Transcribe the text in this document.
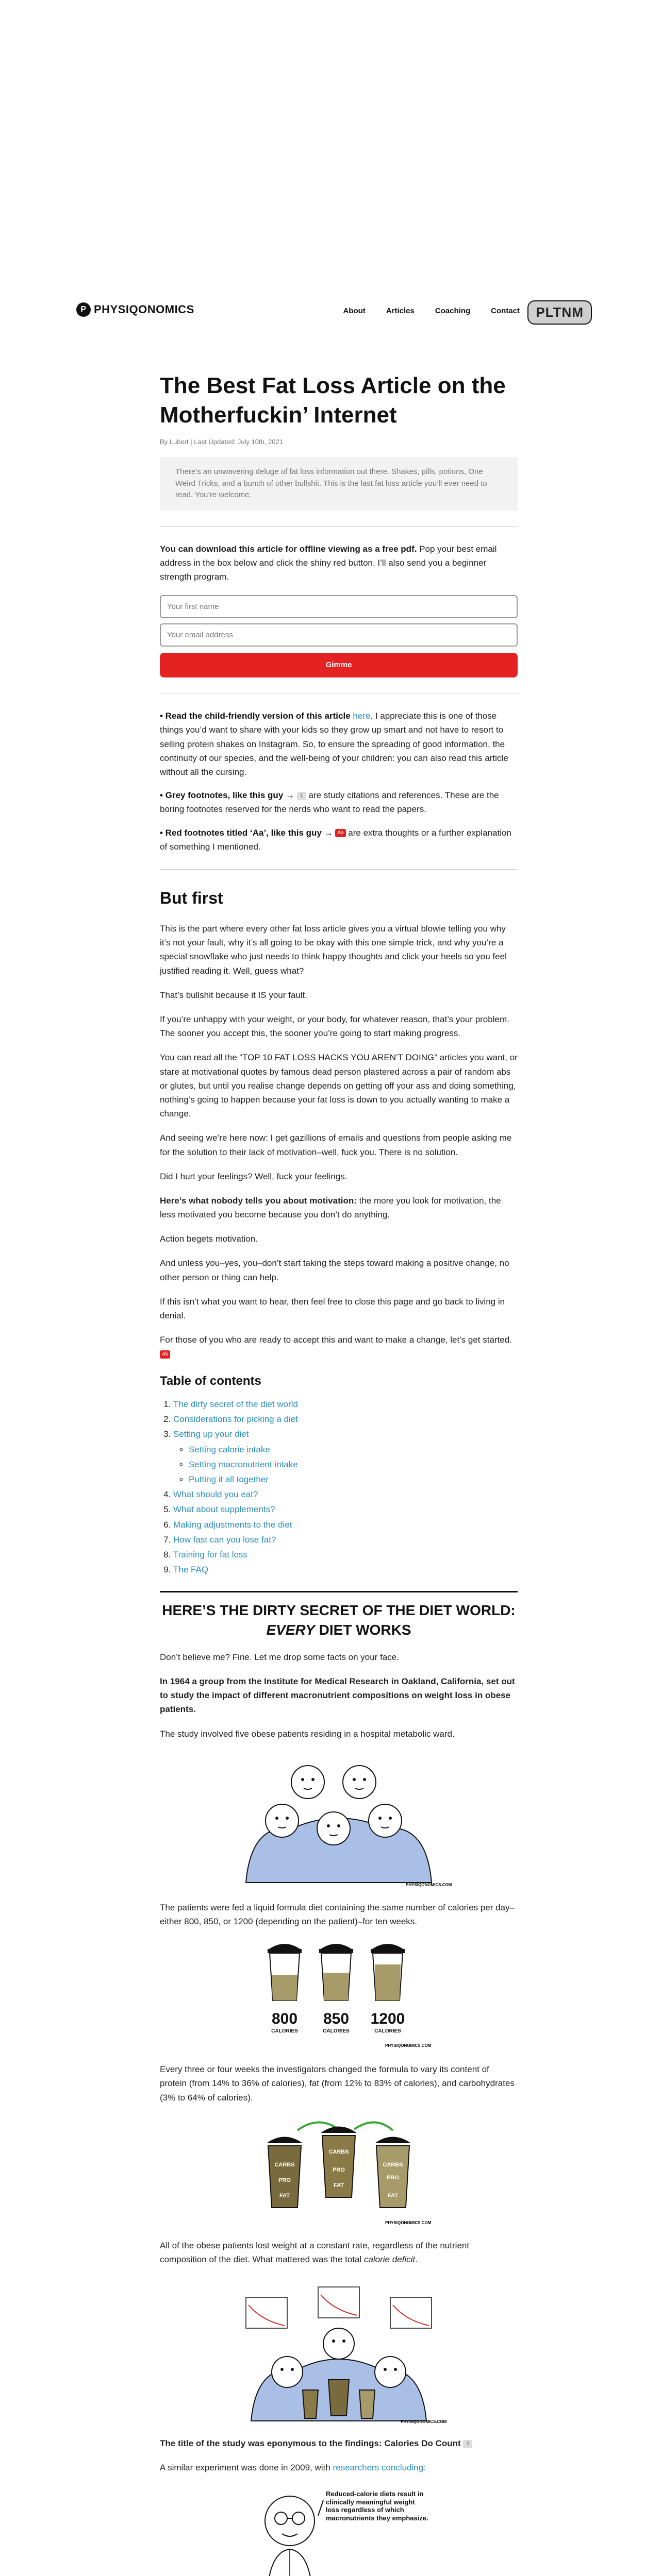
P PHYSIQONOMICS	About	Articles	Coaching	Contact	PLTNM
The Best Fat Loss Article on the Motherfuckin’ Internet
By Lubert | Last Updated: July 10th, 2021
There’s an unwavering deluge of fat loss information out there. Shakes, pills, potions, One Weird Tricks, and a bunch of other bullshit. This is the last fat loss article you’ll ever need to read. You’re welcome.

You can download this article for offline viewing as a free pdf. Pop your best email address in the box below and click the shiny red button. I’ll also send you a beginner strength program.

Your first name Your email address
Gimme

• Read the child-friendly version of this article here. I appreciate this is one of those things you’d want to share with your kids so they grow up smart and not have to resort to selling protein shakes on Instagram. So, to ensure the spreading of good information, the continuity of our species, and the well-being of your children: you can also read this article without all the cursing.

• Grey footnotes, like this guy → 1 are study citations and references. These are the boring footnotes reserved for the nerds who want to read the papers.

• Red footnotes titled ‘Aa’, like this guy → Aa are extra thoughts or a further explanation of something I mentioned.

But first

This is the part where every other fat loss article gives you a virtual blowie telling you why it’s not your fault, why it’s all going to be okay with this one simple trick, and why you’re a special snowflake who just needs to think happy thoughts and click your heels so you feel justified reading it. Well, guess what?

That’s bullshit because it IS your fault.

If you’re unhappy with your weight, or your body, for whatever reason, that’s your problem. The sooner you accept this, the sooner you’re going to start making progress.

You can read all the “TOP 10 FAT LOSS HACKS YOU AREN’T DOING” articles you want, or stare at motivational quotes by famous dead person plastered across a pair of random abs or glutes, but until you realise change depends on getting off your ass and doing something, nothing’s going to happen because your fat loss is down to you actually wanting to make a change.

And seeing we’re here now: I get gazillions of emails and questions from people asking me for the solution to their lack of motivation–well, fuck you. There is no solution.

Did I hurt your feelings? Well, fuck your feelings.

Here’s what nobody tells you about motivation: the more you look for motivation, the less motivated you become because you don’t do anything.

Action begets motivation.

And unless you–yes, you–don’t start taking the steps toward making a positive change, no other person or thing can help.

If this isn’t what you want to hear, then feel free to close this page and go back to living in denial.

For those of you who are ready to accept this and want to make a change, let’s get started. Ab

Table of contents
1. The dirty secret of the diet world
2. Considerations for picking a diet
3. Setting up your diet
◦ Setting calorie intake
◦ Setting macronutrient intake
◦ Putting it all together
4. What should you eat?
5. What about supplements?
6. Making adjustments to the diet
7. How fast can you lose fat?
8. Training for fat loss
9. The FAQ
HERE’S THE DIRTY SECRET OF THE DIET WORLD:
EVERY DIET WORKS

Don’t believe me? Fine. Let me drop some facts on your face.

In 1964 a group from the Institute for Medical Research in Oakland, California, set out to study the impact of different macronutrient compositions on weight loss in obese patients.

The study involved five obese patients residing in a hospital metabolic ward.

PHYSIQONOMICS.COM

The patients were fed a liquid formula diet containing the same number of calories per day–either 800, 850, or 1200 (depending on the patient)–for ten weeks.

800 850 1200
CALORIES	CALORIES	CALORIES
PHYSIQONOMICS.COM

Every three or four weeks the investigators changed the formula to vary its content of protein (from 14% to 36% of calories), fat (from 12% to 83% of calories), and carbohydrates (3% to 64% of calories).

CARBS
PRO
FAT
CARBS
PRO
FAT
CARBS
PRO
FAT
PHYSIQONOMICS.COM

All of the obese patients lost weight at a constant rate, regardless of the nutrient composition of the diet. What mattered was the total calorie deficit.

PHYSIQONOMICS.COM

The title of the study was eponymous to the findings: Calories Do Count 2

A similar experiment was done in 2009, with researchers concluding:

Reduced-calorie diets result in clinically meaningful weight loss regardless of which macronutrients they emphasize.
